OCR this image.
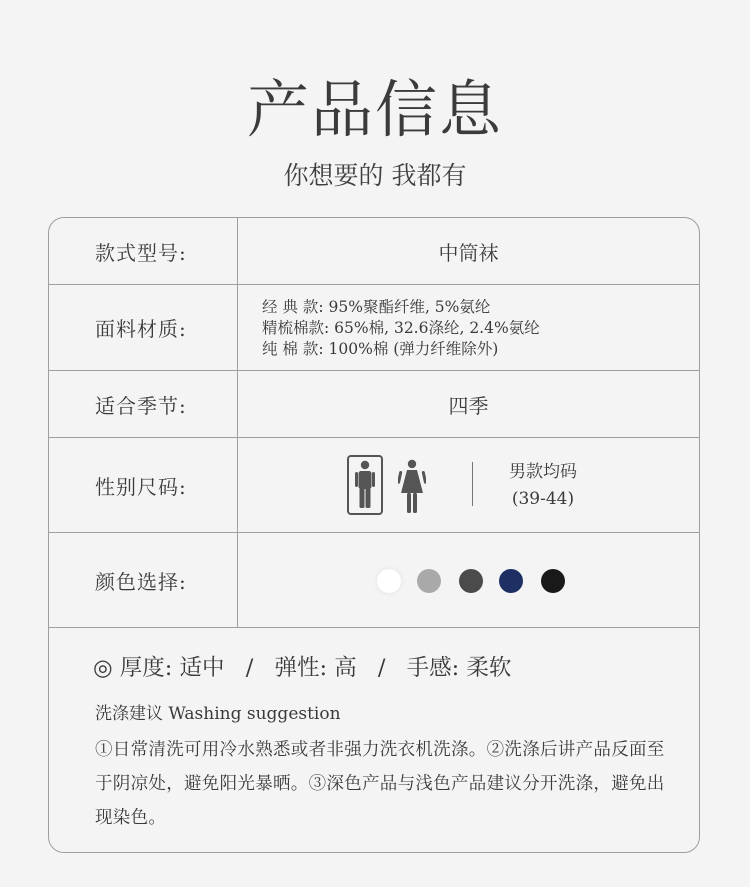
产品信息
你想要的 我都有
款式型号:	中筒袜
面料材质:
经 典 款: 95%聚酯纤维, 5%氨纶
精梳棉款: 65%棉, 32.6涤纶, 2.4%氨纶
纯 棉 款: 100%棉 (弹力纤维除外)
适合季节:	四季
性别尺码:
男款均码
(39-44)
颜色选择:
◎ 厚度: 适中 / 弹性: 高 / 手感: 柔软
洗涤建议 Washing suggestion
①日常清洗可用冷水熟悉或者非强力洗衣机洗涤。②洗涤后讲产品反面至于阴凉处，避免阳光暴晒。③深色产品与浅色产品建议分开洗涤，避免出现染色。
